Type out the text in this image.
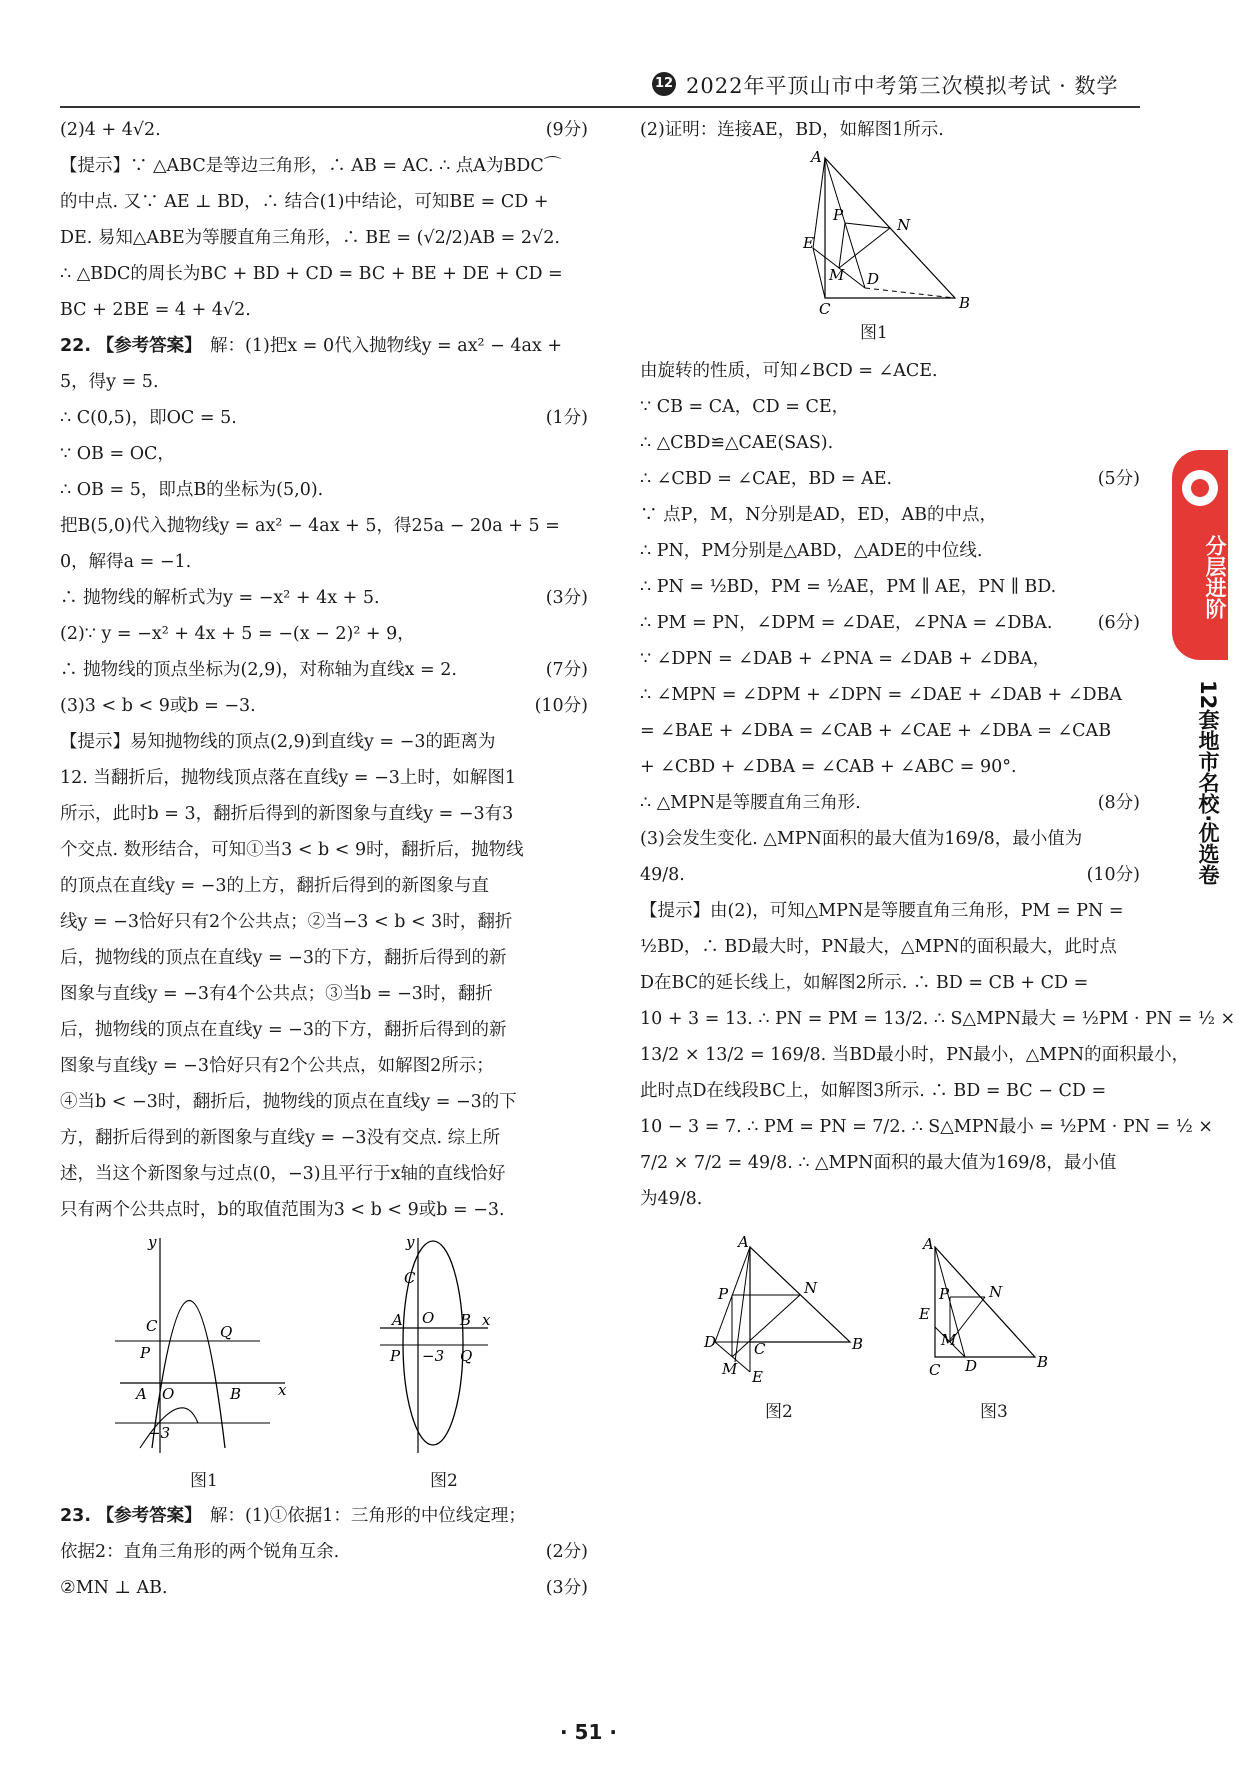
12 2022年平顶山市中考第三次模拟考试 · 数学
(2)4 + 4√2.	(9分)
【提示】∵ △ABC是等边三角形，∴ AB = AC. ∴ 点A为BDC⌒
的中点. 又∵ AE ⊥ BD，∴ 结合(1)中结论，可知BE = CD +
DE. 易知△ABE为等腰直角三角形，∴ BE = (√2/2)AB = 2√2.
∴ △BDC的周长为BC + BD + CD = BC + BE + DE + CD =
BC + 2BE = 4 + 4√2.
22. 【参考答案】 解：(1)把x = 0代入抛物线y = ax² − 4ax +
5，得y = 5.
∴ C(0,5)，即OC = 5.	(1分)
∵ OB = OC，
∴ OB = 5，即点B的坐标为(5,0).
把B(5,0)代入抛物线y = ax² − 4ax + 5，得25a − 20a + 5 =
0，解得a = −1.
∴ 抛物线的解析式为y = −x² + 4x + 5.	(3分)
(2)∵ y = −x² + 4x + 5 = −(x − 2)² + 9，
∴ 抛物线的顶点坐标为(2,9)，对称轴为直线x = 2.	(7分)
(3)3 < b < 9或b = −3.	(10分)
【提示】易知抛物线的顶点(2,9)到直线y = −3的距离为
12. 当翻折后，抛物线顶点落在直线y = −3上时，如解图1
所示，此时b = 3，翻折后得到的新图象与直线y = −3有3
个交点. 数形结合，可知①当3 < b < 9时，翻折后，抛物线
的顶点在直线y = −3的上方，翻折后得到的新图象与直
线y = −3恰好只有2个公共点；②当−3 < b < 3时，翻折
后，抛物线的顶点在直线y = −3的下方，翻折后得到的新
图象与直线y = −3有4个公共点；③当b = −3时，翻折
后，抛物线的顶点在直线y = −3的下方，翻折后得到的新
图象与直线y = −3恰好只有2个公共点，如解图2所示；
④当b < −3时，翻折后，抛物线的顶点在直线y = −3的下
方，翻折后得到的新图象与直线y = −3没有交点. 综上所
述，当这个新图象与过点(0，−3)且平行于x轴的直线恰好
只有两个公共点时，b的取值范围为3 < b < 9或b = −3.
y
x
C	Q
P
A O	B
−3
图1
y
x
C
A O B
P −3 Q
图2
23. 【参考答案】 解：(1)①依据1：三角形的中位线定理；
依据2：直角三角形的两个锐角互余.	(2分)
②MN ⊥ AB.	(3分)
(2)证明：连接AE，BD，如解图1所示.
A
N
P
E
M D
C	B
图1
由旋转的性质，可知∠BCD = ∠ACE.
∵ CB = CA，CD = CE，
∴ △CBD≌△CAE(SAS).
∴ ∠CBD = ∠CAE，BD = AE.	(5分)
∵ 点P，M，N分别是AD，ED，AB的中点，
∴ PN，PM分别是△ABD，△ADE的中位线.
∴ PN = ½BD，PM = ½AE，PM ∥ AE，PN ∥ BD.
∴ PM = PN，∠DPM = ∠DAE，∠PNA = ∠DBA.	(6分)
∵ ∠DPN = ∠DAB + ∠PNA = ∠DAB + ∠DBA，
∴ ∠MPN = ∠DPM + ∠DPN = ∠DAE + ∠DAB + ∠DBA
= ∠BAE + ∠DBA = ∠CAB + ∠CAE + ∠DBA = ∠CAB
+ ∠CBD + ∠DBA = ∠CAB + ∠ABC = 90°.
∴ △MPN是等腰直角三角形.	(8分)
(3)会发生变化. △MPN面积的最大值为169/8，最小值为
49/8.	(10分)
【提示】由(2)，可知△MPN是等腰直角三角形，PM = PN =
½BD，∴ BD最大时，PN最大，△MPN的面积最大，此时点
D在BC的延长线上，如解图2所示. ∴ BD = CB + CD =
10 + 3 = 13. ∴ PN = PM = 13/2. ∴ S△MPN最大 = ½PM · PN = ½ ×
13/2 × 13/2 = 169/8. 当BD最小时，PN最小，△MPN的面积最小，
此时点D在线段BC上，如解图3所示. ∴ BD = BC − CD =
10 − 3 = 7. ∴ PM = PN = 7/2. ∴ S△MPN最小 = ½PM · PN = ½ ×
7/2 × 7/2 = 49/8. ∴ △MPN面积的最大值为169/8，最小值
为49/8.
A
N
P
D	C	B
M E
图2
A
N
P
E
M
C D	B
图3
分层进阶
12套地市名校·优选卷
· 51 ·
